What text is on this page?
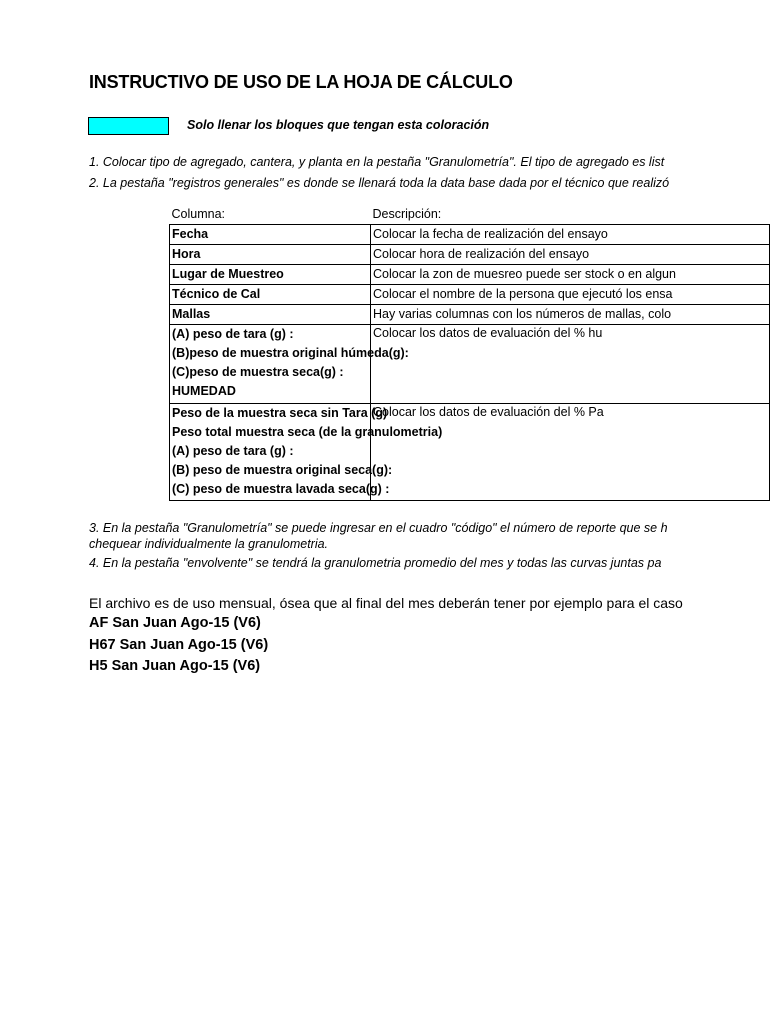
INSTRUCTIVO DE USO DE LA HOJA DE CÁLCULO
Solo llenar los bloques que tengan esta coloración
1. Colocar tipo de agregado, cantera, y planta en la pestaña "Granulometría". El tipo de agregado es list
2. La pestaña "registros generales" es donde se llenará toda la data base dada por el técnico que realizó
Columna:	Descripción:
Fecha	Colocar la fecha de realización del ensayo
Hora	Colocar hora de realización del ensayo
Lugar de Muestreo	Colocar la zon de muesreo puede ser stock o en algun
Técnico de Cal	Colocar el nombre de la persona que ejecutó los ensa
Mallas	Hay varias columnas con los números de mallas, colo

(A) peso de tara (g) :
(B)peso de muestra original húmeda(g):
(C)peso de muestra seca(g) :
HUMEDAD	Colocar los datos de evaluación del % hu

Peso de la muestra seca sin Tara (g)
Peso total muestra seca (de la granulometria)
(A) peso de tara (g) :
(B) peso de muestra original seca(g):
(C) peso de muestra lavada seca(g) :	Colocar los datos de evaluación del % Pa
3. En la pestaña "Granulometría" se puede ingresar en el cuadro "código" el número de reporte que se h
chequear individualmente la granulometria.
4. En la pestaña "envolvente" se tendrá la granulometria promedio del mes y todas las curvas juntas pa
El archivo es de uso mensual, ósea que al final del mes deberán tener por ejemplo para el caso
AF San Juan Ago-15 (V6)
H67 San Juan Ago-15 (V6)
H5 San Juan Ago-15 (V6)
